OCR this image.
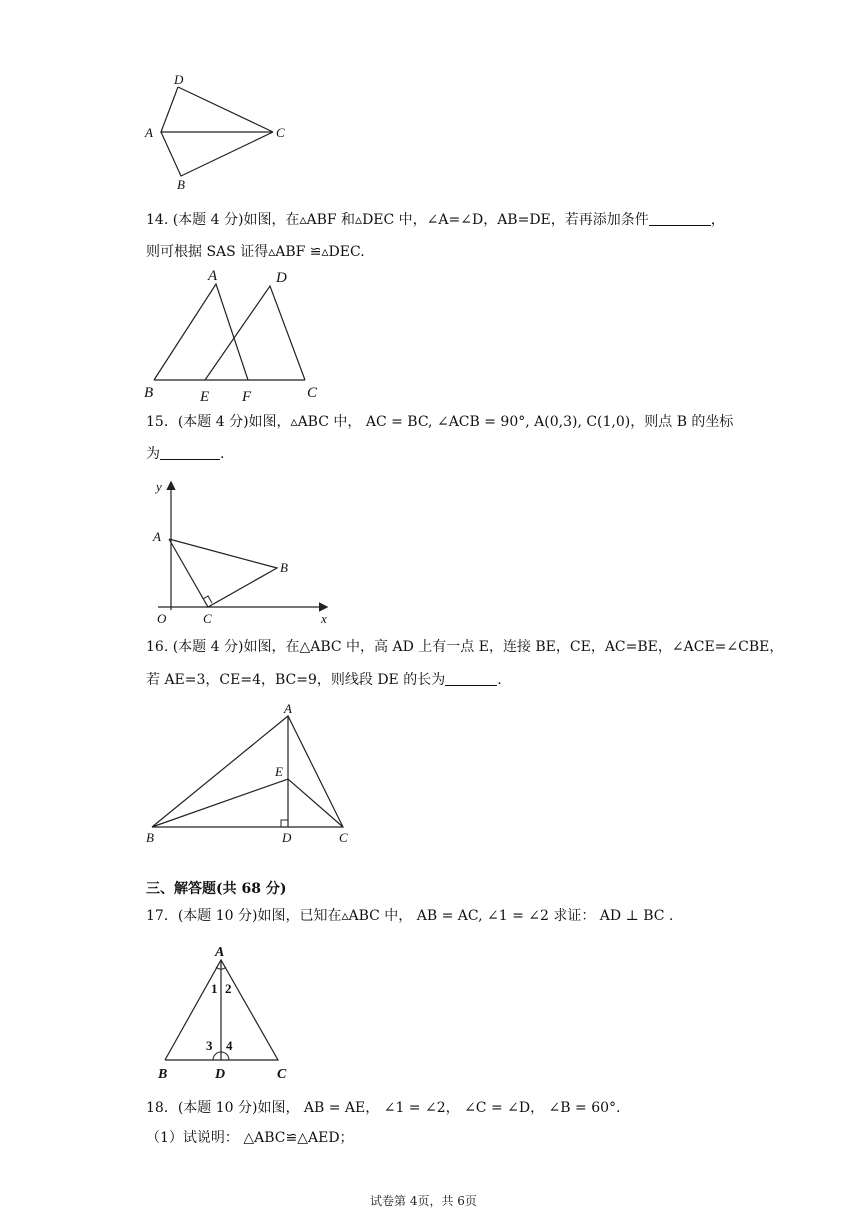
D
A	C
B
14. (本题 4 分)如图，在▵ABF 和▵DEC 中，∠A=∠D，AB=DE，若再添加条件	，
则可根据 SAS 证得▵ABF ≌▵DEC.
A	D
B	E F	C
15．(本题 4 分)如图，▵ABC 中， AC = BC, ∠ACB = 90°, A(0,3), C(1,0)，则点 B 的坐标
为	.
y
A
B
O	C	x
16. (本题 4 分)如图，在△ABC 中，高 AD 上有一点 E，连接 BE，CE，AC=BE，∠ACE=∠CBE，
若 AE=3，CE=4，BC=9，则线段 DE 的长为	.
A
E
B	D	C
三、解答题(共 68 分)
17．(本题 10 分)如图，已知在▵ABC 中， AB = AC, ∠1 = ∠2 求证： AD ⊥ BC .
A
1 2
3 4
B	D	C
18．(本题 10 分)如图， AB = AE， ∠1 = ∠2， ∠C = ∠D， ∠B = 60°.
（1）试说明： △ABC≌△AED；
试卷第 4页，共 6页
